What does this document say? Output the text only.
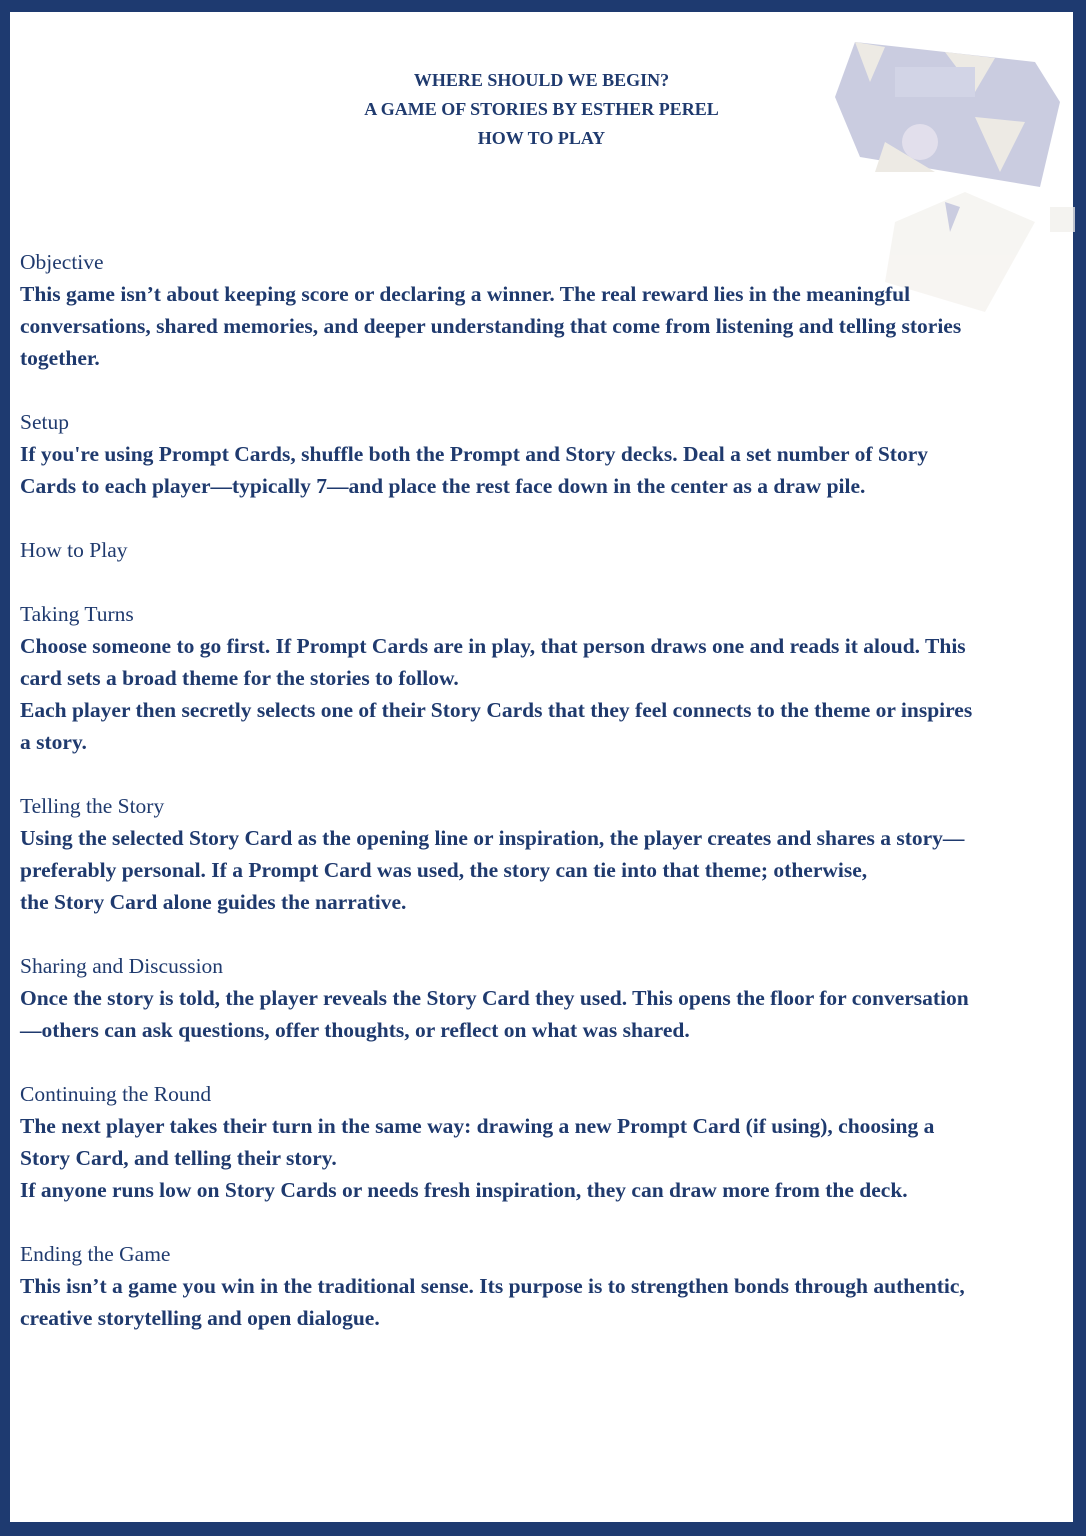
WHERE SHOULD WE BEGIN?
A GAME OF STORIES BY ESTHER PEREL
HOW TO PLAY
Objective
This game isn’t about keeping score or declaring a winner. The real reward lies in the meaningful
conversations, shared memories, and deeper understanding that come from listening and telling stories
together.
Setup
If you're using Prompt Cards, shuffle both the Prompt and Story decks. Deal a set number of Story
Cards to each player—typically 7—and place the rest face down in the center as a draw pile.
How to Play
Taking Turns
Choose someone to go first. If Prompt Cards are in play, that person draws one and reads it aloud. This
card sets a broad theme for the stories to follow.
Each player then secretly selects one of their Story Cards that they feel connects to the theme or inspires
a story.
Telling the Story
Using the selected Story Card as the opening line or inspiration, the player creates and shares a story—
preferably personal. If a Prompt Card was used, the story can tie into that theme; otherwise,
the Story Card alone guides the narrative.
Sharing and Discussion
Once the story is told, the player reveals the Story Card they used. This opens the floor for conversation
—others can ask questions, offer thoughts, or reflect on what was shared.
Continuing the Round
The next player takes their turn in the same way: drawing a new Prompt Card (if using), choosing a
Story Card, and telling their story.
If anyone runs low on Story Cards or needs fresh inspiration, they can draw more from the deck.
Ending the Game
This isn’t a game you win in the traditional sense. Its purpose is to strengthen bonds through authentic,
creative storytelling and open dialogue.
